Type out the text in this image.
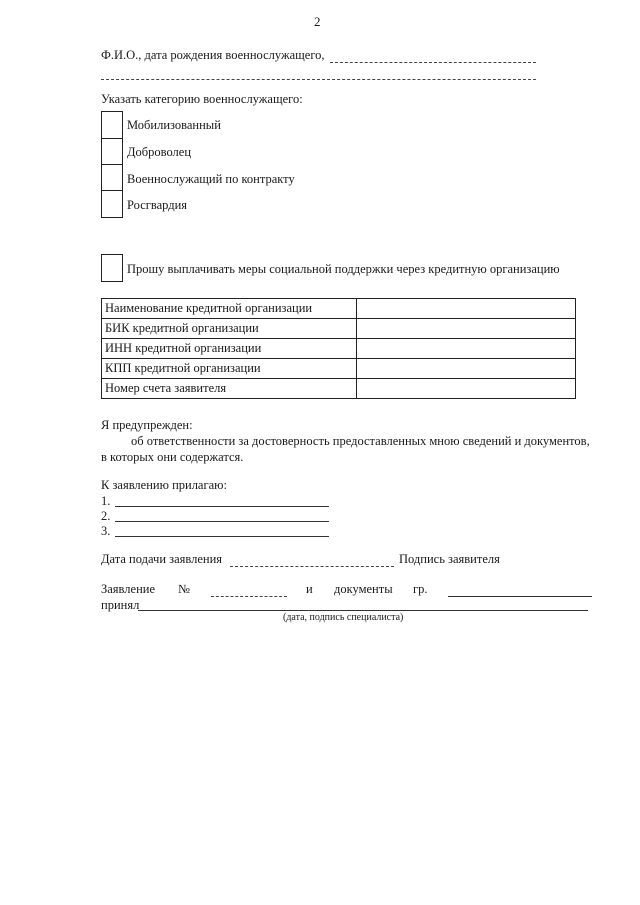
2
Ф.И.О., дата рождения военнослужащего,
Указать категорию военнослужащего:
Мобилизованный
Доброволец
Военнослужащий по контракту
Росгвардия
Прошу выплачивать меры социальной поддержки через кредитную организацию
Наименование кредитной организации	
БИК кредитной организации	
ИНН кредитной организации	
КПП кредитной организации	
Номер счета заявителя	
Я предупрежден:
об ответственности за достоверность предоставленных мною сведений и документов,
в которых они содержатся.
К заявлению прилагаю:
1.
2.
3.
Дата подачи заявления	Подпись заявителя
Заявление №	и документы гр.
принял
(дата, подпись специалиста)
